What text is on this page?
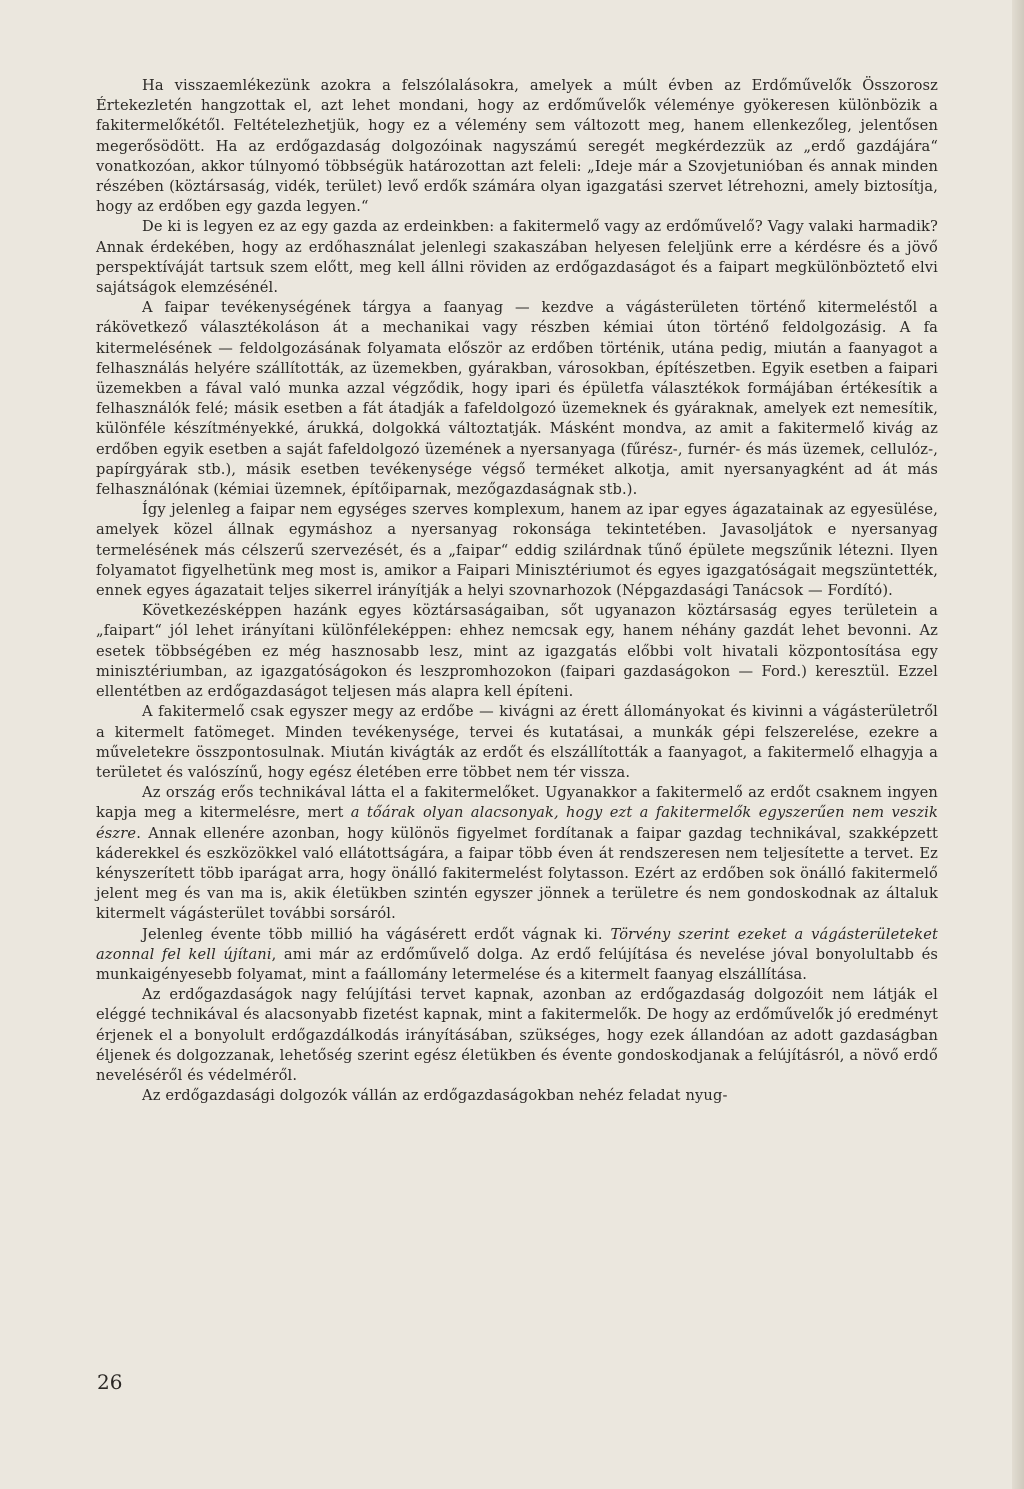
Ha visszaemlékezünk azokra a felszólalásokra, amelyek a múlt évben az Erdőművelők Összorosz Értekezletén hangzottak el, azt lehet mondani, hogy az erdőművelők véleménye gyökeresen különbözik a fakitermelőkétől. Feltételezhetjük, hogy ez a vélemény sem változott meg, hanem ellenkezőleg, jelentősen megerősödött. Ha az erdőgazdaság dolgozóinak nagyszámú seregét megkérdezzük az „erdő gazdájára“ vonatkozóan, akkor túlnyomó többségük határozottan azt feleli: „Ideje már a Szovjetunióban és annak minden részében (köztársaság, vidék, terület) levő erdők számára olyan igazgatási szervet létrehozni, amely biztosítja, hogy az erdőben egy gazda legyen.“

De ki is legyen ez az egy gazda az erdeinkben: a fakitermelő vagy az erdőművelő? Vagy valaki harmadik? Annak érdekében, hogy az erdőhasználat jelenlegi szakaszában helyesen feleljünk erre a kérdésre és a jövő perspektíváját tartsuk szem előtt, meg kell állni röviden az erdőgazdaságot és a faipart megkülönböztető elvi sajátságok elemzésénél.

A faipar tevékenységének tárgya a faanyag — kezdve a vágásterületen történő kitermeléstől a rákövetkező választékoláson át a mechanikai vagy részben kémiai úton történő feldolgozásig. A fa kitermelésének — feldolgozásának folyamata először az erdőben történik, utána pedig, miután a faanyagot a felhasználás helyére szállították, az üzemekben, gyárakban, városokban, építészetben. Egyik esetben a faipari üzemekben a fával való munka azzal végződik, hogy ipari és épületfa választékok formájában értékesítik a felhasználók felé; másik esetben a fát átadják a fafeldolgozó üzemeknek és gyáraknak, amelyek ezt nemesítik, különféle készítményekké, árukká, dolgokká változtatják. Másként mondva, az amit a fakitermelő kivág az erdőben egyik esetben a saját fafeldolgozó üzemének a nyersanyaga (fűrész-, furnér- és más üzemek, cellulóz-, papírgyárak stb.), másik esetben tevékenysége végső terméket alkotja, amit nyersanyagként ad át más felhasználónak (kémiai üzemnek, építőiparnak, mezőgazdaságnak stb.).

Így jelenleg a faipar nem egységes szerves komplexum, hanem az ipar egyes ágazatainak az egyesülése, amelyek közel állnak egymáshoz a nyersanyag rokonsága tekintetében. Javasoljátok e nyersanyag termelésének más célszerű szervezését, és a „faipar“ eddig szilárdnak tűnő épülete megszűnik létezni. Ilyen folyamatot figyelhetünk meg most is, amikor a Faipari Minisztériumot és egyes igazgatóságait megszüntették, ennek egyes ágazatait teljes sikerrel irányítják a helyi szovnarhozok (Népgazdasági Tanácsok — Fordító).

Következésképpen hazánk egyes köztársaságaiban, sőt ugyanazon köztársaság egyes területein a „faipart“ jól lehet irányítani különféleképpen: ehhez nemcsak egy, hanem néhány gazdát lehet bevonni. Az esetek többségében ez még hasznosabb lesz, mint az igazgatás előbbi volt hivatali központosítása egy minisztériumban, az igazgatóságokon és leszpromhozokon (faipari gazdaságokon — Ford.) keresztül. Ezzel ellentétben az erdőgazdaságot teljesen más alapra kell építeni.

A fakitermelő csak egyszer megy az erdőbe — kivágni az érett állományokat és kivinni a vágásterületről a kitermelt fatömeget. Minden tevékenysége, tervei és kutatásai, a munkák gépi felszerelése, ezekre a műveletekre összpontosulnak. Miután kivágták az erdőt és elszállították a faanyagot, a fakitermelő elhagyja a területet és valószínű, hogy egész életében erre többet nem tér vissza.

Az ország erős technikával látta el a fakitermelőket. Ugyanakkor a fakitermelő az erdőt csaknem ingyen kapja meg a kitermelésre, mert a tőárak olyan alacsonyak, hogy ezt a fakitermelők egyszerűen nem veszik észre. Annak ellenére azonban, hogy különös figyelmet fordítanak a faipar gazdag technikával, szakképzett káderekkel és eszközökkel való ellátottságára, a faipar több éven át rendszeresen nem teljesítette a tervet. Ez kényszerített több iparágat arra, hogy önálló fakitermelést folytasson. Ezért az erdőben sok önálló fakitermelő jelent meg és van ma is, akik életükben szintén egyszer jönnek a területre és nem gondoskodnak az általuk kitermelt vágásterület további sorsáról.

Jelenleg évente több millió ha vágásérett erdőt vágnak ki. Törvény szerint ezeket a vágásterületeket azonnal fel kell újítani, ami már az erdőművelő dolga. Az erdő felújítása és nevelése jóval bonyolultabb és munkaigényesebb folyamat, mint a faállomány letermelése és a kitermelt faanyag elszállítása.

Az erdőgazdaságok nagy felújítási tervet kapnak, azonban az erdőgazdaság dolgozóit nem látják el eléggé technikával és alacsonyabb fizetést kapnak, mint a fakitermelők. De hogy az erdőművelők jó eredményt érjenek el a bonyolult erdőgazdálkodás irányításában, szükséges, hogy ezek állandóan az adott gazdaságban éljenek és dolgozzanak, lehetőség szerint egész életükben és évente gondoskodjanak a felújításról, a növő erdő neveléséről és védelméről.

Az erdőgazdasági dolgozók vállán az erdőgazdaságokban nehéz feladat nyug-

26
